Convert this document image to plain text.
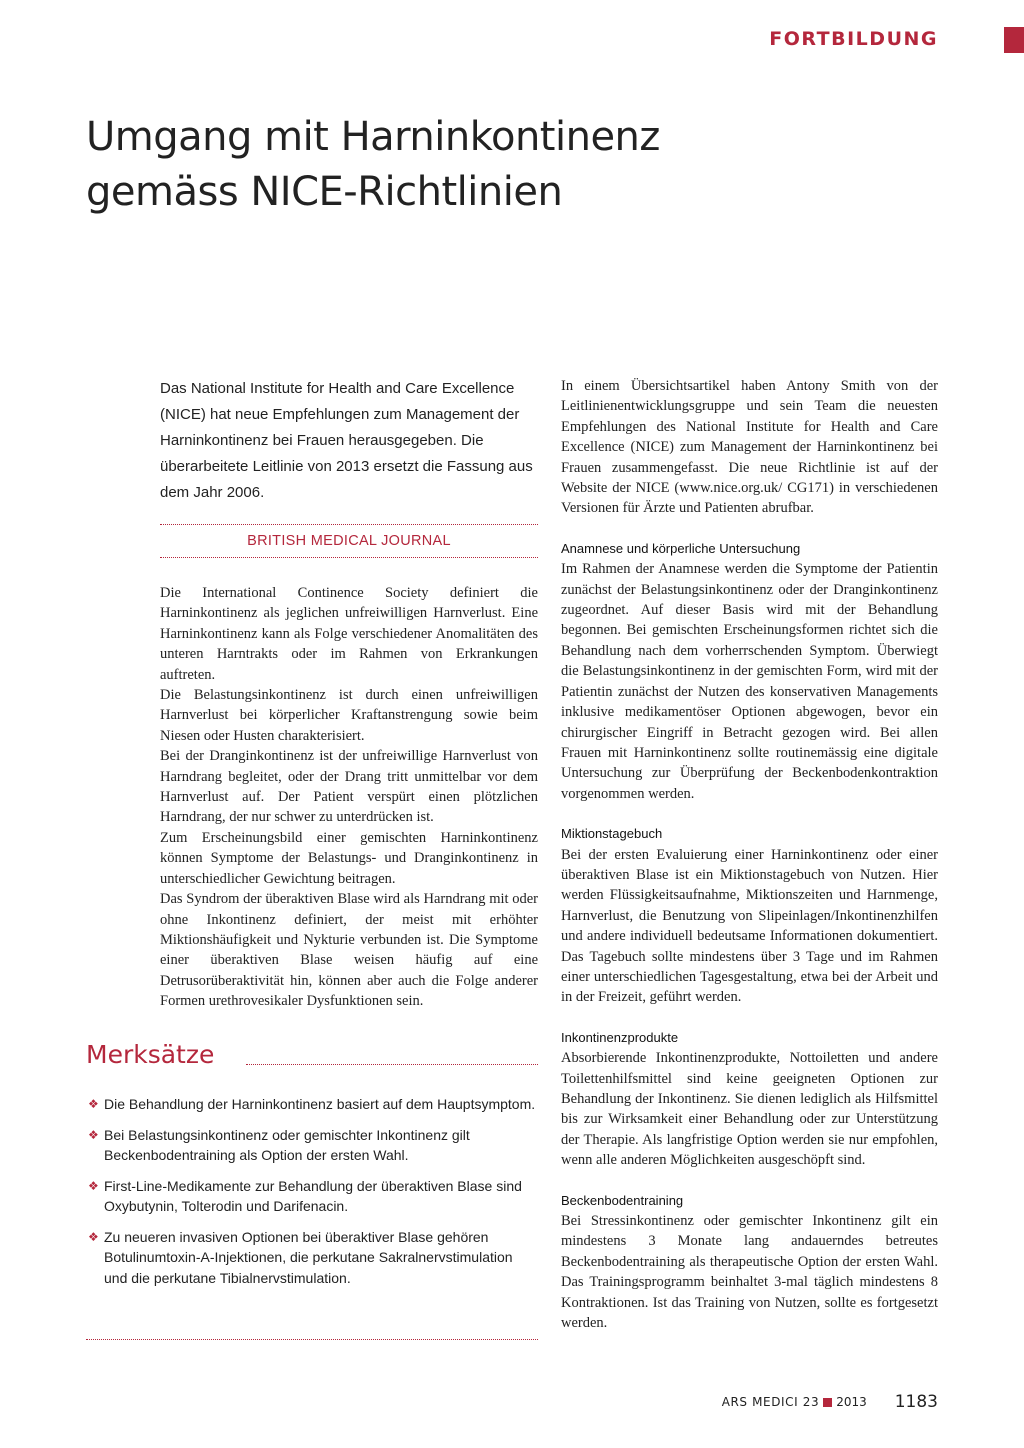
FORTBILDUNG
Umgang mit Harninkontinenz
gemäss NICE-Richtlinien

Das National Institute for Health and Care Excellence (NICE) hat neue Empfehlungen zum Management der Harninkontinenz bei Frauen herausgegeben. Die überarbeitete Leitlinie von 2013 ersetzt die Fassung aus dem Jahr 2006.

BRITISH MEDICAL JOURNAL

Die International Continence Society definiert die Harninkontinenz als jeglichen unfreiwilligen Harnverlust. Eine Harninkontinenz kann als Folge verschiedener Anomalitäten des unteren Harntrakts oder im Rahmen von Erkrankungen auftreten.

Die Belastungsinkontinenz ist durch einen unfreiwilligen Harnverlust bei körperlicher Kraftanstrengung sowie beim Niesen oder Husten charakterisiert.

Bei der Dranginkontinenz ist der unfreiwillige Harnverlust von Harndrang begleitet, oder der Drang tritt unmittelbar vor dem Harnverlust auf. Der Patient verspürt einen plötzlichen Harndrang, der nur schwer zu unterdrücken ist.

Zum Erscheinungsbild einer gemischten Harninkontinenz können Symptome der Belastungs- und Dranginkontinenz in unterschiedlicher Gewichtung beitragen.

Das Syndrom der überaktiven Blase wird als Harndrang mit oder ohne Inkontinenz definiert, der meist mit erhöhter Miktionshäufigkeit und Nykturie verbunden ist. Die Symptome einer überaktiven Blase weisen häufig auf eine Detrusorüberaktivität hin, können aber auch die Folge anderer Formen urethrovesikaler Dysfunktionen sein.

Merksätze
❖ Die Behandlung der Harninkontinenz basiert auf dem Hauptsymptom.
❖ Bei Belastungsinkontinenz oder gemischter Inkontinenz gilt Beckenbodentraining als Option der ersten Wahl.
❖ First-Line-Medikamente zur Behandlung der überaktiven Blase sind Oxybutynin, Tolterodin und Darifenacin.
❖ Zu neueren invasiven Optionen bei überaktiver Blase gehören Botulinumtoxin-A-Injektionen, die perkutane Sakralnervstimulation und die perkutane Tibialnervstimulation.

In einem Übersichtsartikel haben Antony Smith von der Leitlinienentwicklungsgruppe und sein Team die neuesten Empfehlungen des National Institute for Health and Care Excellence (NICE) zum Management der Harninkontinenz bei Frauen zusammengefasst. Die neue Richtlinie ist auf der Website der NICE (www.nice.org.uk/ CG171) in verschiedenen Versionen für Ärzte und Patienten abrufbar.

Anamnese und körperliche Untersuchung

Im Rahmen der Anamnese werden die Symptome der Patientin zunächst der Belastungsinkontinenz oder der Dranginkontinenz zugeordnet. Auf dieser Basis wird mit der Behandlung begonnen. Bei gemischten Erscheinungsformen richtet sich die Behandlung nach dem vorherrschenden Symptom. Überwiegt die Belastungsinkontinenz in der gemischten Form, wird mit der Patientin zunächst der Nutzen des konservativen Managements inklusive medikamentöser Optionen abgewogen, bevor ein chirurgischer Eingriff in Betracht gezogen wird. Bei allen Frauen mit Harninkontinenz sollte routinemässig eine digitale Untersuchung zur Überprüfung der Beckenbodenkontraktion vorgenommen werden.

Miktionstagebuch

Bei der ersten Evaluierung einer Harninkontinenz oder einer überaktiven Blase ist ein Miktionstagebuch von Nutzen. Hier werden Flüssigkeitsaufnahme, Miktionszeiten und Harnmenge, Harnverlust, die Benutzung von Slipeinlagen/Inkontinenzhilfen und andere individuell bedeutsame Informationen dokumentiert. Das Tagebuch sollte mindestens über 3 Tage und im Rahmen einer unterschiedlichen Tagesgestaltung, etwa bei der Arbeit und in der Freizeit, geführt werden.

Inkontinenzprodukte

Absorbierende Inkontinenzprodukte, Nottoiletten und andere Toilettenhilfsmittel sind keine geeigneten Optionen zur Behandlung der Inkontinenz. Sie dienen lediglich als Hilfsmittel bis zur Wirksamkeit einer Behandlung oder zur Unterstützung der Therapie. Als langfristige Option werden sie nur empfohlen, wenn alle anderen Möglichkeiten ausgeschöpft sind.

Beckenbodentraining

Bei Stressinkontinenz oder gemischter Inkontinenz gilt ein mindestens 3 Monate lang andauerndes betreutes Beckenbodentraining als therapeutische Option der ersten Wahl. Das Trainingsprogramm beinhaltet 3-mal täglich mindestens 8 Kontraktionen. Ist das Training von Nutzen, sollte es fortgesetzt werden.

ARS MEDICI 23 2013 1183
